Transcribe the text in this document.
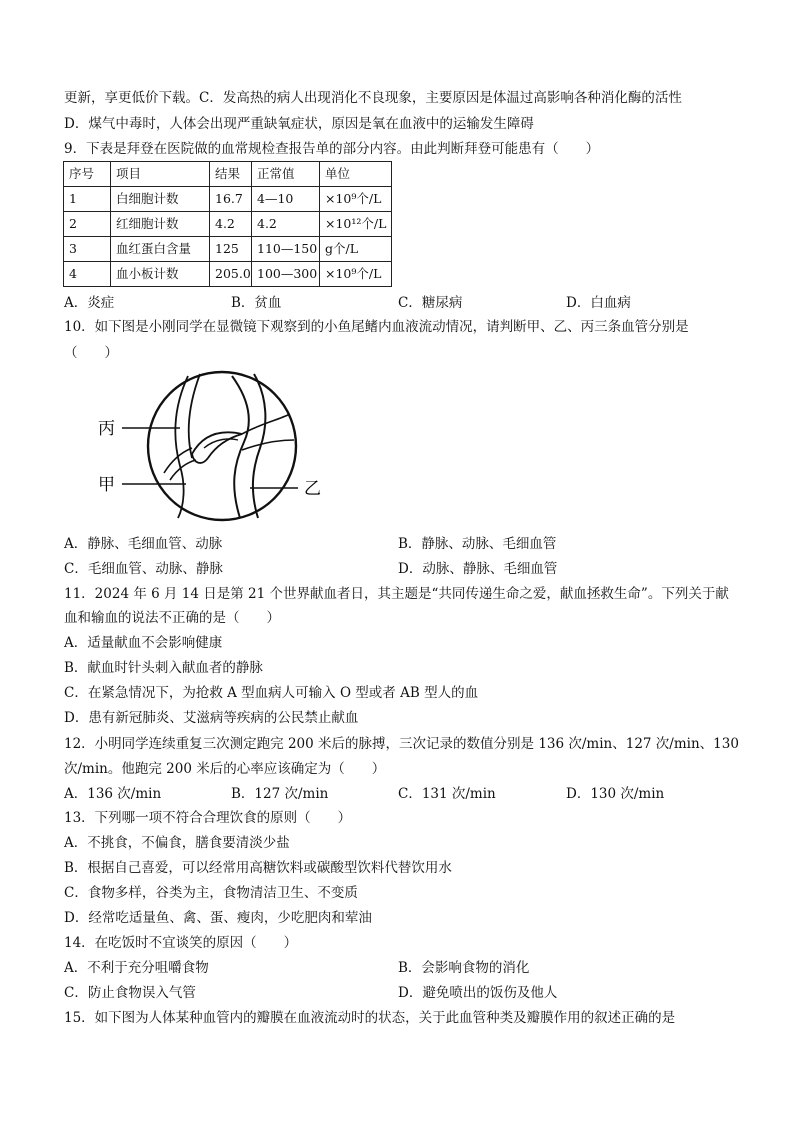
更新，享更低价下载。C．发高热的病人出现消化不良现象，主要原因是体温过高影响各种消化酶的活性
D．煤气中毒时，人体会出现严重缺氧症状，原因是氧在血液中的运输发生障碍
9．下表是拜登在医院做的血常规检查报告单的部分内容。由此判断拜登可能患有（　　）
序号	项目	结果	正常值	单位
1	白细胞计数	16.7	4—10	×10⁹个/L
2	红细胞计数	4.2	4.2	×10¹²个/L
3	血红蛋白含量	125	110—150	g个/L
4	血小板计数	205.0	100—300	×10⁹个/L
A．炎症	B．贫血	C．糖尿病	D．白血病
10．如下图是小刚同学在显微镜下观察到的小鱼尾鳍内血液流动情况，请判断甲、乙、丙三条血管分别是
（　　）
丙
甲	乙
A．静脉、毛细血管、动脉	B．静脉、动脉、毛细血管
C．毛细血管、动脉、静脉	D．动脉、静脉、毛细血管
11．2024 年 6 月 14 日是第 21 个世界献血者日，其主题是“共同传递生命之爱，献血拯救生命”。下列关于献
血和输血的说法不正确的是（　　）
A．适量献血不会影响健康
B．献血时针头刺入献血者的静脉
C．在紧急情况下，为抢救 A 型血病人可输入 O 型或者 AB 型人的血
D．患有新冠肺炎、艾滋病等疾病的公民禁止献血
12．小明同学连续重复三次测定跑完 200 米后的脉搏，三次记录的数值分别是 136 次/min、127 次/min、130
次/min。他跑完 200 米后的心率应该确定为（　　）
A．136 次/min	B．127 次/min	C．131 次/min	D．130 次/min
13．下列哪一项不符合合理饮食的原则（　　）
A．不挑食，不偏食，膳食要清淡少盐
B．根据自己喜爱，可以经常用高糖饮料或碳酸型饮料代替饮用水
C．食物多样，谷类为主，食物清洁卫生、不变质
D．经常吃适量鱼、禽、蛋、瘦肉，少吃肥肉和荤油
14．在吃饭时不宜谈笑的原因（　　）
A．不利于充分咀嚼食物	B．会影响食物的消化
C．防止食物误入气管	D．避免喷出的饭伤及他人
15．如下图为人体某种血管内的瓣膜在血液流动时的状态，关于此血管种类及瓣膜作用的叙述正确的是
